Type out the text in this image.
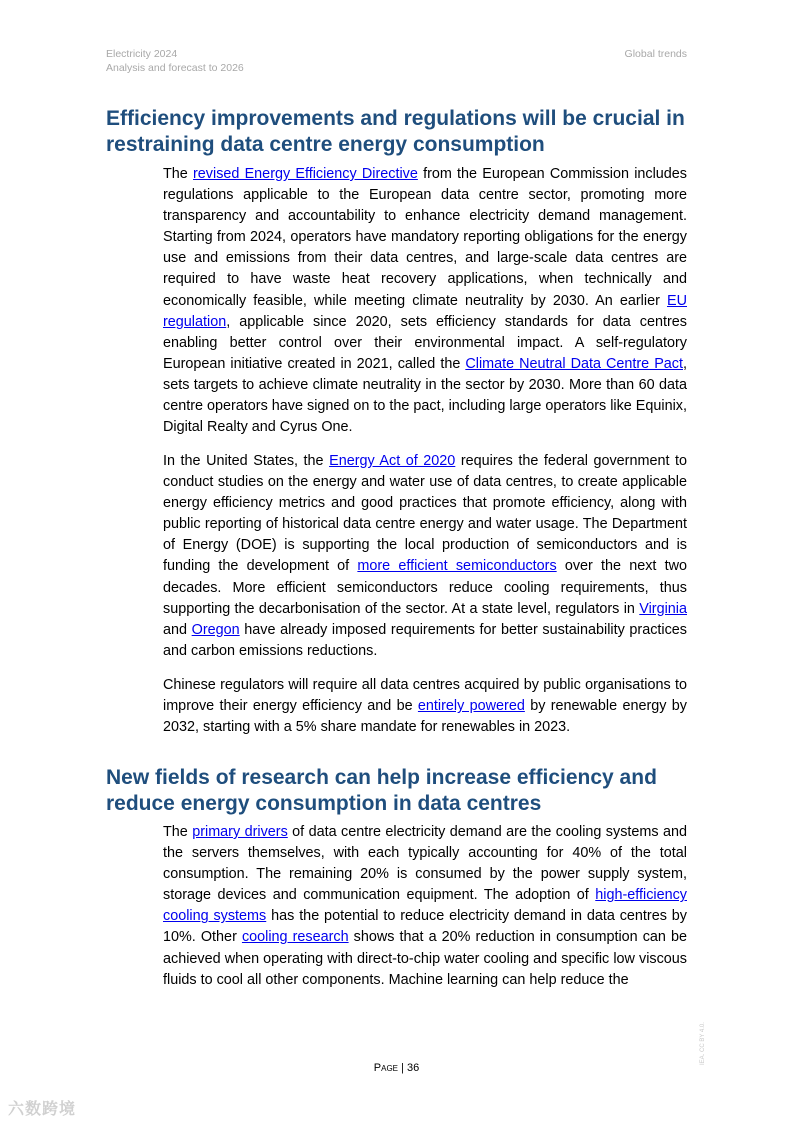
Electricity 2024
Analysis and forecast to 2026
Global trends
Efficiency improvements and regulations will be crucial in restraining data centre energy consumption

The revised Energy Efficiency Directive from the European Commission includes regulations applicable to the European data centre sector, promoting more transparency and accountability to enhance electricity demand management. Starting from 2024, operators have mandatory reporting obligations for the energy use and emissions from their data centres, and large-scale data centres are required to have waste heat recovery applications, when technically and economically feasible, while meeting climate neutrality by 2030. An earlier EU regulation, applicable since 2020, sets efficiency standards for data centres enabling better control over their environmental impact. A self-regulatory European initiative created in 2021, called the Climate Neutral Data Centre Pact, sets targets to achieve climate neutrality in the sector by 2030. More than 60 data centre operators have signed on to the pact, including large operators like Equinix, Digital Realty and Cyrus One.

In the United States, the Energy Act of 2020 requires the federal government to conduct studies on the energy and water use of data centres, to create applicable energy efficiency metrics and good practices that promote efficiency, along with public reporting of historical data centre energy and water usage. The Department of Energy (DOE) is supporting the local production of semiconductors and is funding the development of more efficient semiconductors over the next two decades. More efficient semiconductors reduce cooling requirements, thus supporting the decarbonisation of the sector. At a state level, regulators in Virginia and Oregon have already imposed requirements for better sustainability practices and carbon emissions reductions.

Chinese regulators will require all data centres acquired by public organisations to improve their energy efficiency and be entirely powered by renewable energy by 2032, starting with a 5% share mandate for renewables in 2023.

New fields of research can help increase efficiency and reduce energy consumption in data centres

The primary drivers of data centre electricity demand are the cooling systems and the servers themselves, with each typically accounting for 40% of the total consumption. The remaining 20% is consumed by the power supply system, storage devices and communication equipment. The adoption of high-efficiency cooling systems has the potential to reduce electricity demand in data centres by 10%. Other cooling research shows that a 20% reduction in consumption can be achieved when operating with direct-to-chip water cooling and specific low viscous fluids to cool all other components. Machine learning can help reduce the

Page | 36
IEA. CC BY 4.0.
六数跨境
